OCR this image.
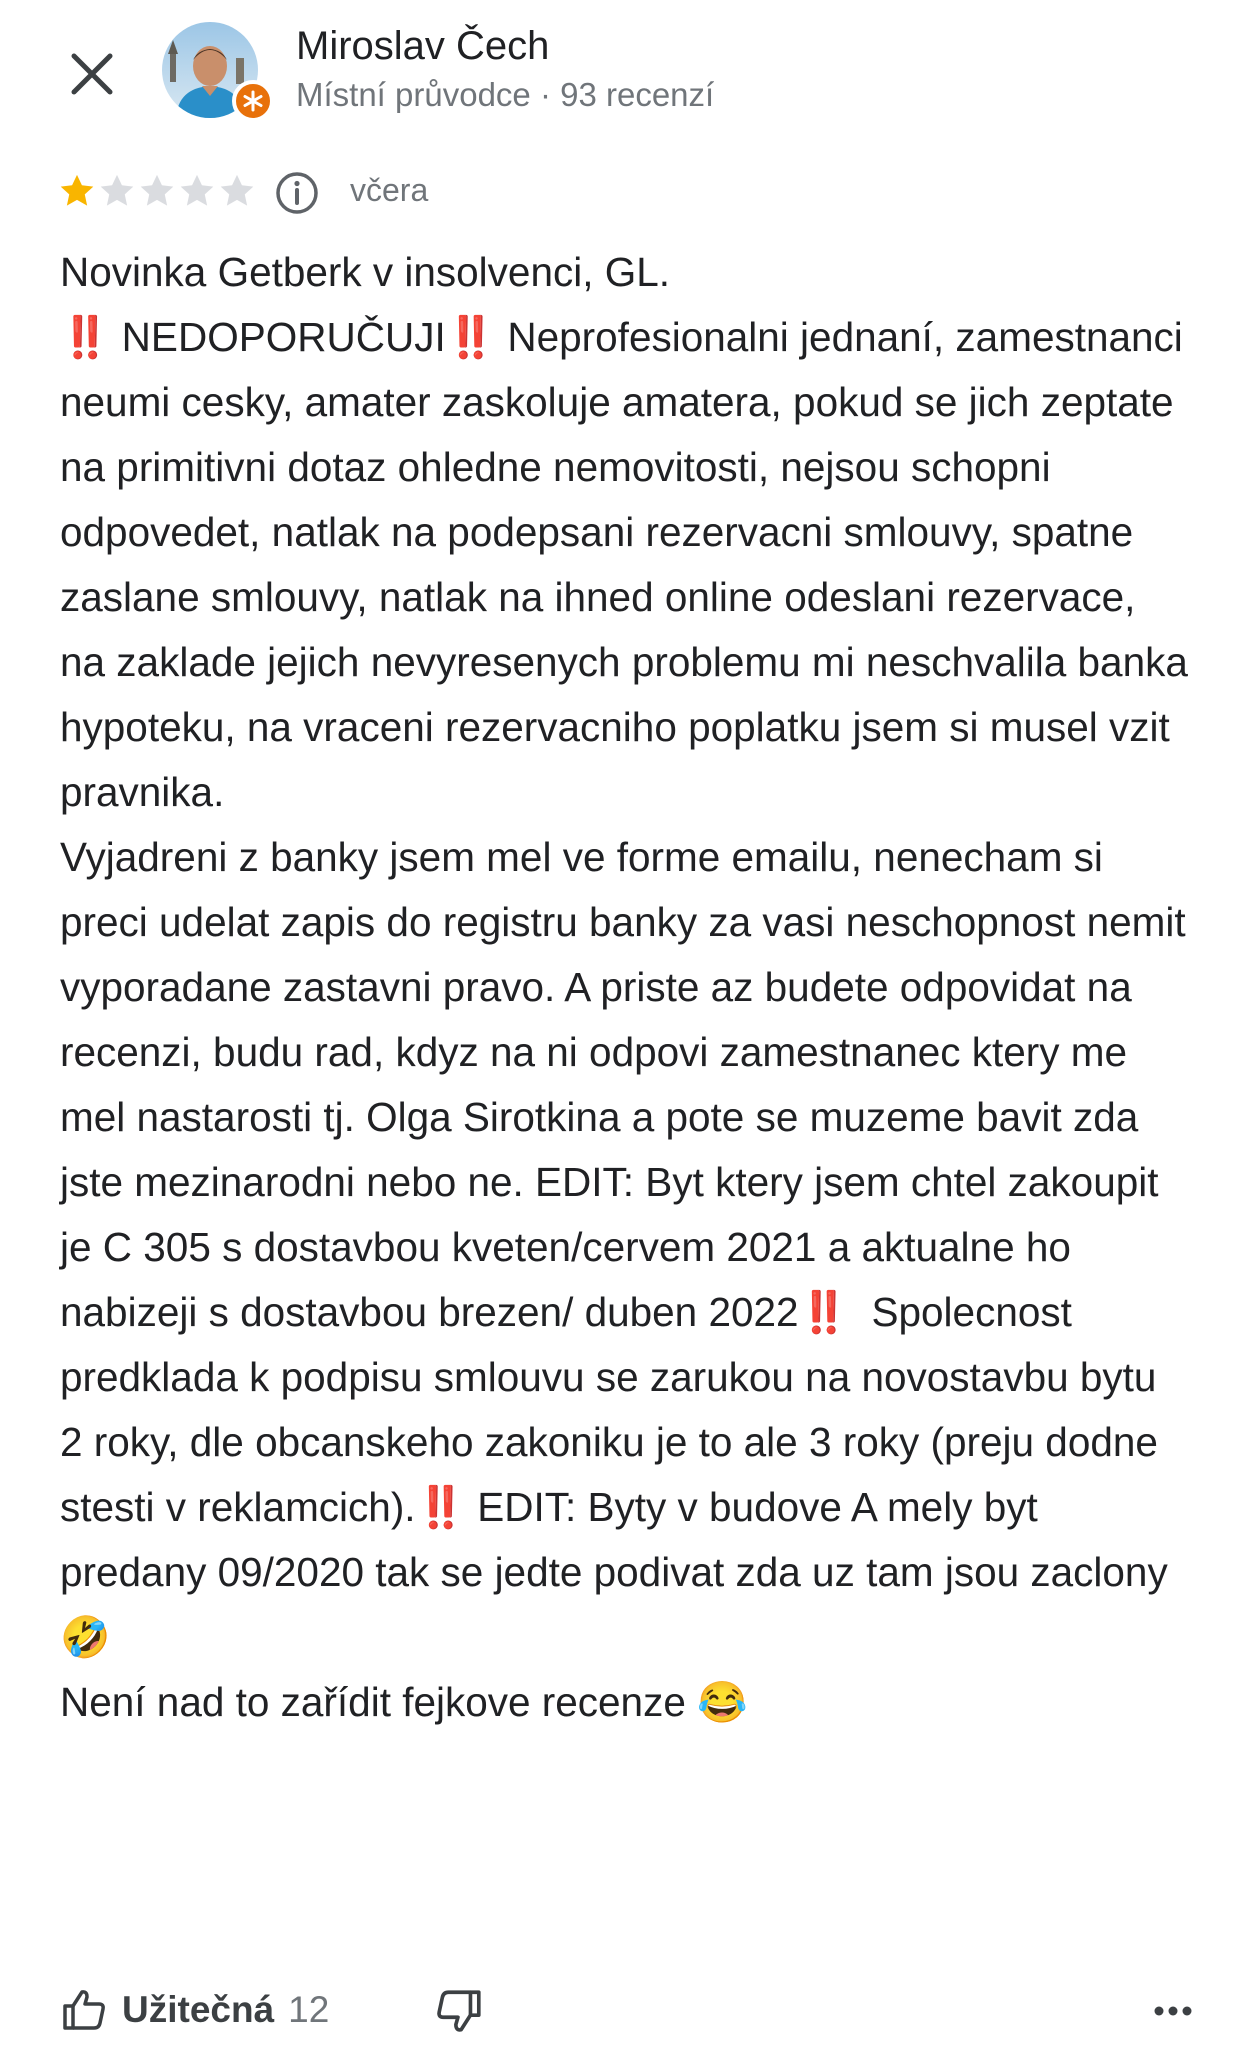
Miroslav Čech
Místní průvodce · 93 recenzí
včera

Novinka Getberk v insolvenci, GL.

‼️ NEDOPORUČUJI‼️ Neprofesionalni jednaní, zamestnanci neumi cesky, amater zaskoluje amatera, pokud se jich zeptate na primitivni dotaz ohledne nemovitosti, nejsou schopni odpovedet, natlak na podepsani rezervacni smlouvy, spatne zaslane smlouvy, natlak na ihned online odeslani rezervace, na zaklade jejich nevyresenych problemu mi neschvalila banka hypoteku, na vraceni rezervacniho poplatku jsem si musel vzit pravnika.

Vyjadreni z banky jsem mel ve forme emailu, nenecham si preci udelat zapis do registru banky za vasi neschopnost nemit vyporadane zastavni pravo. A priste az budete odpovidat na recenzi, budu rad, kdyz na ni odpovi zamestnanec ktery me mel nastarosti tj. Olga Sirotkina a pote se muzeme bavit zda jste mezinarodni nebo ne. EDIT: Byt ktery jsem chtel zakoupit je C 305 s dostavbou kveten/cervem 2021 a aktualne ho nabizeji s dostavbou brezen/ duben 2022‼️  Spolecnost predklada k podpisu smlouvu se zarukou na novostavbu bytu 2 roky, dle obcanskeho zakoniku je to ale 3 roky (preju dodne stesti v reklamcich).‼️ EDIT: Byty v budove A mely byt predany 09/2020 tak se jedte podivat zda uz tam jsou zaclony 🤣

Není nad to zařídit fejkove recenze 😂

Užitečná 12
